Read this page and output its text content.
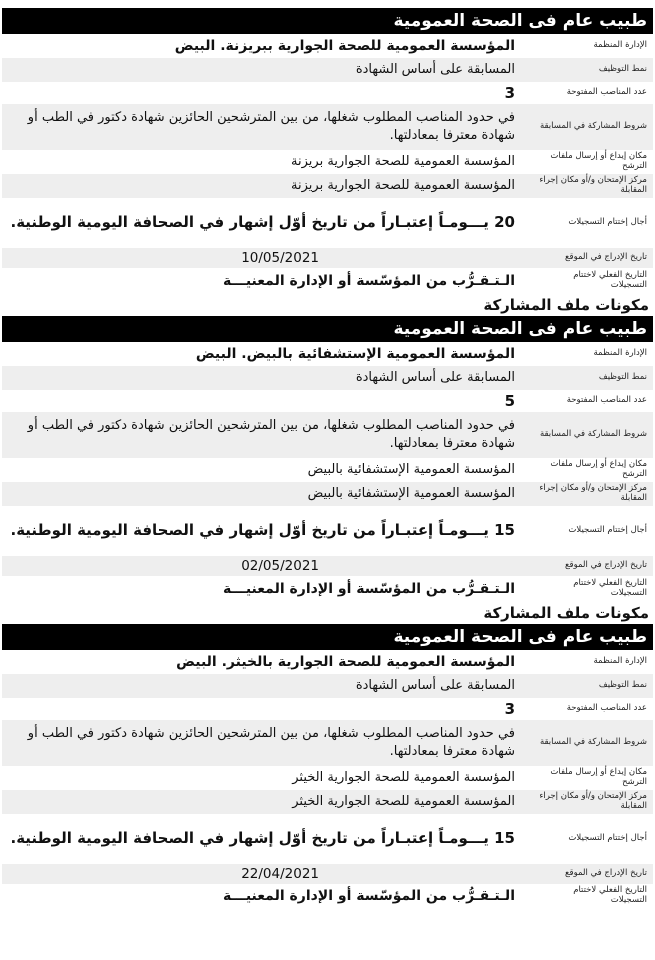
طبيب عام فى الصحة العمومية
الإدارة المنظمة
المؤسسة العمومية للصحة الجوارية ببريزنة. البيض
نمط التوظيف
المسابقة على أساس الشهادة
عدد المناصب المفتوحة
3
شروط المشاركة في المسابقة
في حدود المناصب المطلوب شغلها، من بين المترشحين الحائزين شهادة دكتور في الطب أو شهادة معترفا بمعادلتها.
مكان إيداع أو إرسال ملفات الترشح
المؤسسة العمومية للصحة الجوارية بريزنة
مركز الإمتحان و/أو مكان إجراء المقابلة
المؤسسة العمومية للصحة الجوارية بريزنة
أجال إختتام التسجيلات
20 يـــومـاً إعتبـاراً من تاريخ أوّل إشهار في الصحافة اليومية الوطنية.
تاريخ الإدراج في الموقع
10/05/2021
التاريخ الفعلي لاختتام التسجيلات
الـتـقـرُّب من المؤسّسة أو الإدارة المعنيـــة
مكونات ملف المشاركة
طبيب عام فى الصحة العمومية
الإدارة المنظمة
المؤسسة العمومية الإستشفائية بالبيض. البيض
نمط التوظيف
المسابقة على أساس الشهادة
عدد المناصب المفتوحة
5
شروط المشاركة في المسابقة
في حدود المناصب المطلوب شغلها، من بين المترشحين الحائزين شهادة دكتور في الطب أو شهادة معترفا بمعادلتها.
مكان إيداع أو إرسال ملفات الترشح
المؤسسة العمومية الإستشفائية بالبيض
مركز الإمتحان و/أو مكان إجراء المقابلة
المؤسسة العمومية الإستشفائية بالبيض
أجال إختتام التسجيلات
15 يـــومـاً إعتبـاراً من تاريخ أوّل إشهار في الصحافة اليومية الوطنية.
تاريخ الإدراج في الموقع
02/05/2021
التاريخ الفعلي لاختتام التسجيلات
الـتـقـرُّب من المؤسّسة أو الإدارة المعنيـــة
مكونات ملف المشاركة
طبيب عام فى الصحة العمومية
الإدارة المنظمة
المؤسسة العمومية للصحة الجوارية بالخيثر. البيض
نمط التوظيف
المسابقة على أساس الشهادة
عدد المناصب المفتوحة
3
شروط المشاركة في المسابقة
في حدود المناصب المطلوب شغلها، من بين المترشحين الحائزين شهادة دكتور في الطب أو شهادة معترفا بمعادلتها.
مكان إيداع أو إرسال ملفات الترشح
المؤسسة العمومية للصحة الجوارية الخيثر
مركز الإمتحان و/أو مكان إجراء المقابلة
المؤسسة العمومية للصحة الجوارية الخيثر
أجال إختتام التسجيلات
15 يـــومـاً إعتبـاراً من تاريخ أوّل إشهار في الصحافة اليومية الوطنية.
تاريخ الإدراج في الموقع
22/04/2021
التاريخ الفعلي لاختتام التسجيلات
الـتـقـرُّب من المؤسّسة أو الإدارة المعنيـــة
